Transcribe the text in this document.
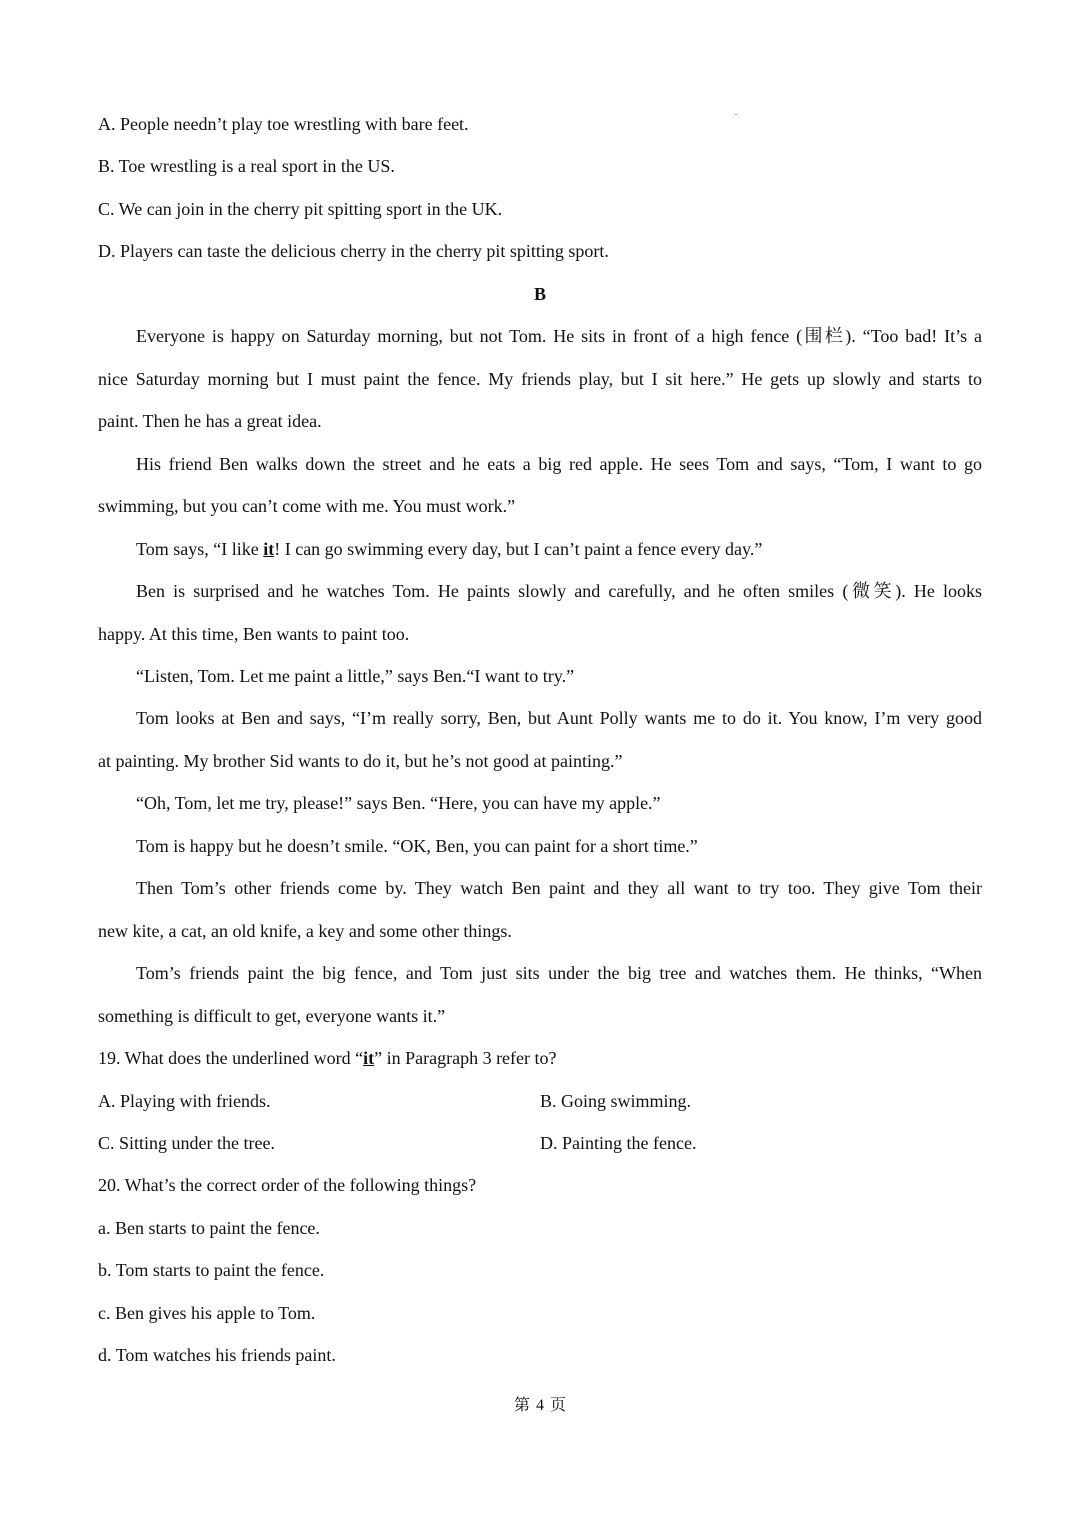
A. People needn’t play toe wrestling with bare feet.
B. Toe wrestling is a real sport in the US.
C. We can join in the cherry pit spitting sport in the UK.
D. Players can taste the delicious cherry in the cherry pit spitting sport.
B
Everyone is happy on Saturday morning, but not Tom. He sits in front of a high fence (围栏). “Too bad! It’s a
nice Saturday morning but I must paint the fence. My friends play, but I sit here.” He gets up slowly and starts to
paint. Then he has a great idea.
His friend Ben walks down the street and he eats a big red apple. He sees Tom and says, “Tom, I want to go
swimming, but you can’t come with me. You must work.”
Tom says, “I like it! I can go swimming every day, but I can’t paint a fence every day.”
Ben is surprised and he watches Tom. He paints slowly and carefully, and he often smiles (微笑). He looks
happy. At this time, Ben wants to paint too.
“Listen, Tom. Let me paint a little,” says Ben.“I want to try.”
Tom looks at Ben and says, “I’m really sorry, Ben, but Aunt Polly wants me to do it. You know, I’m very good
at painting. My brother Sid wants to do it, but he’s not good at painting.”
“Oh, Tom, let me try, please!” says Ben. “Here, you can have my apple.”
Tom is happy but he doesn’t smile. “OK, Ben, you can paint for a short time.”
Then Tom’s other friends come by. They watch Ben paint and they all want to try too. They give Tom their
new kite, a cat, an old knife, a key and some other things.
Tom’s friends paint the big fence, and Tom just sits under the big tree and watches them. He thinks, “When
something is difficult to get, everyone wants it.”
19. What does the underlined word “it” in Paragraph 3 refer to?
A. Playing with friends.	B. Going swimming.
C. Sitting under the tree.	D. Painting the fence.
20. What’s the correct order of the following things?
a. Ben starts to paint the fence.
b. Tom starts to paint the fence.
c. Ben gives his apple to Tom.
d. Tom watches his friends paint.
第 4 页
